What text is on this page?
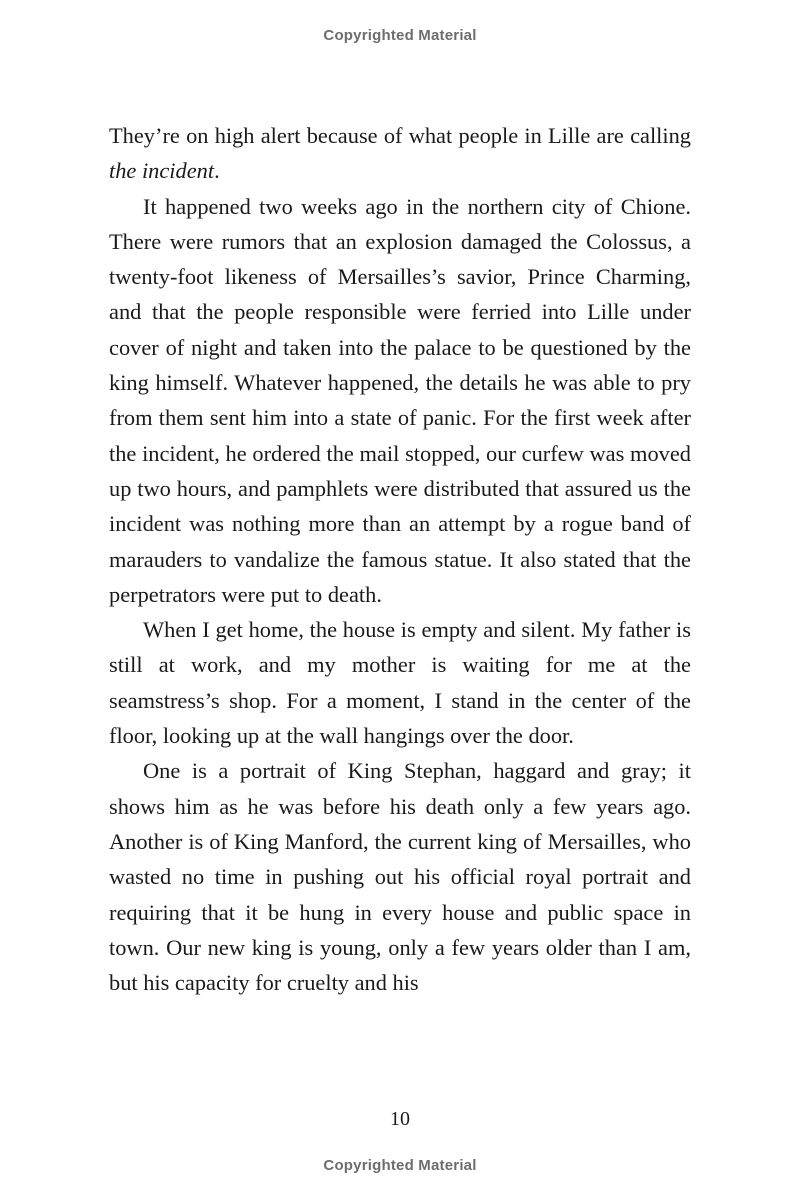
Copyrighted Material

They’re on high alert because of what people in Lille are calling the incident.

It happened two weeks ago in the northern city of Chione. There were rumors that an explosion damaged the Colossus, a twenty-foot likeness of Mersailles’s savior, Prince Charming, and that the people responsible were ferried into Lille under cover of night and taken into the palace to be questioned by the king himself. Whatever happened, the details he was able to pry from them sent him into a state of panic. For the first week after the incident, he ordered the mail stopped, our curfew was moved up two hours, and pamphlets were distributed that assured us the incident was nothing more than an attempt by a rogue band of marauders to vandalize the famous statue. It also stated that the perpetrators were put to death.

When I get home, the house is empty and silent. My father is still at work, and my mother is waiting for me at the seamstress’s shop. For a moment, I stand in the center of the floor, looking up at the wall hangings over the door.

One is a portrait of King Stephan, haggard and gray; it shows him as he was before his death only a few years ago. Another is of King Manford, the current king of Mersailles, who wasted no time in pushing out his official royal portrait and requiring that it be hung in every house and public space in town. Our new king is young, only a few years older than I am, but his capacity for cruelty and his

10
Copyrighted Material
